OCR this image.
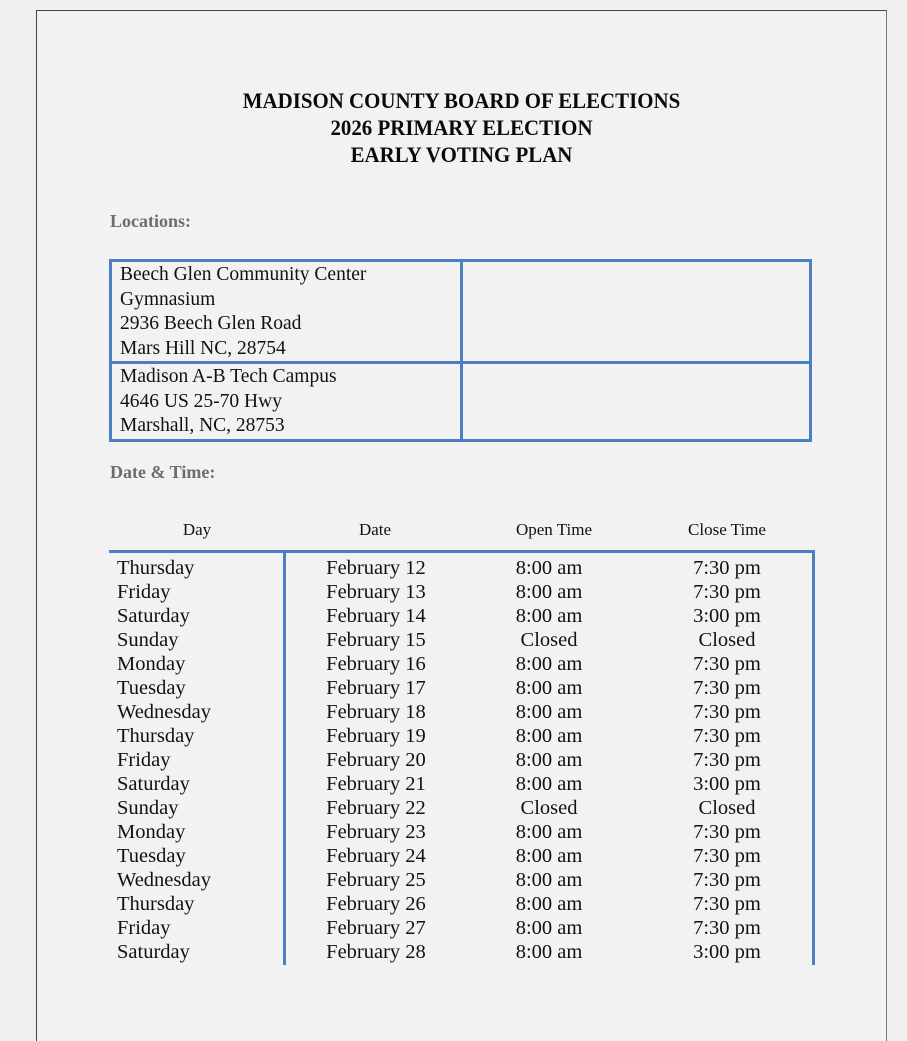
MADISON COUNTY BOARD OF ELECTIONS
2026 PRIMARY ELECTION
EARLY VOTING PLAN
Locations:
Beech Glen Community Center
Gymnasium
2936 Beech Glen Road
Mars Hill NC, 28754	

Madison A-B Tech Campus
4646 US 25-70 Hwy
Marshall, NC, 28753	

Date & Time:
Day	Date	Open Time	Close Time
Thursday	February 12	8:00 am	7:30 pm
Friday	February 13	8:00 am	7:30 pm
Saturday	February 14	8:00 am	3:00 pm
Sunday	February 15	Closed	Closed
Monday	February 16	8:00 am	7:30 pm
Tuesday	February 17	8:00 am	7:30 pm
Wednesday	February 18	8:00 am	7:30 pm
Thursday	February 19	8:00 am	7:30 pm
Friday	February 20	8:00 am	7:30 pm
Saturday	February 21	8:00 am	3:00 pm
Sunday	February 22	Closed	Closed
Monday	February 23	8:00 am	7:30 pm
Tuesday	February 24	8:00 am	7:30 pm
Wednesday	February 25	8:00 am	7:30 pm
Thursday	February 26	8:00 am	7:30 pm
Friday	February 27	8:00 am	7:30 pm
Saturday	February 28	8:00 am	3:00 pm
